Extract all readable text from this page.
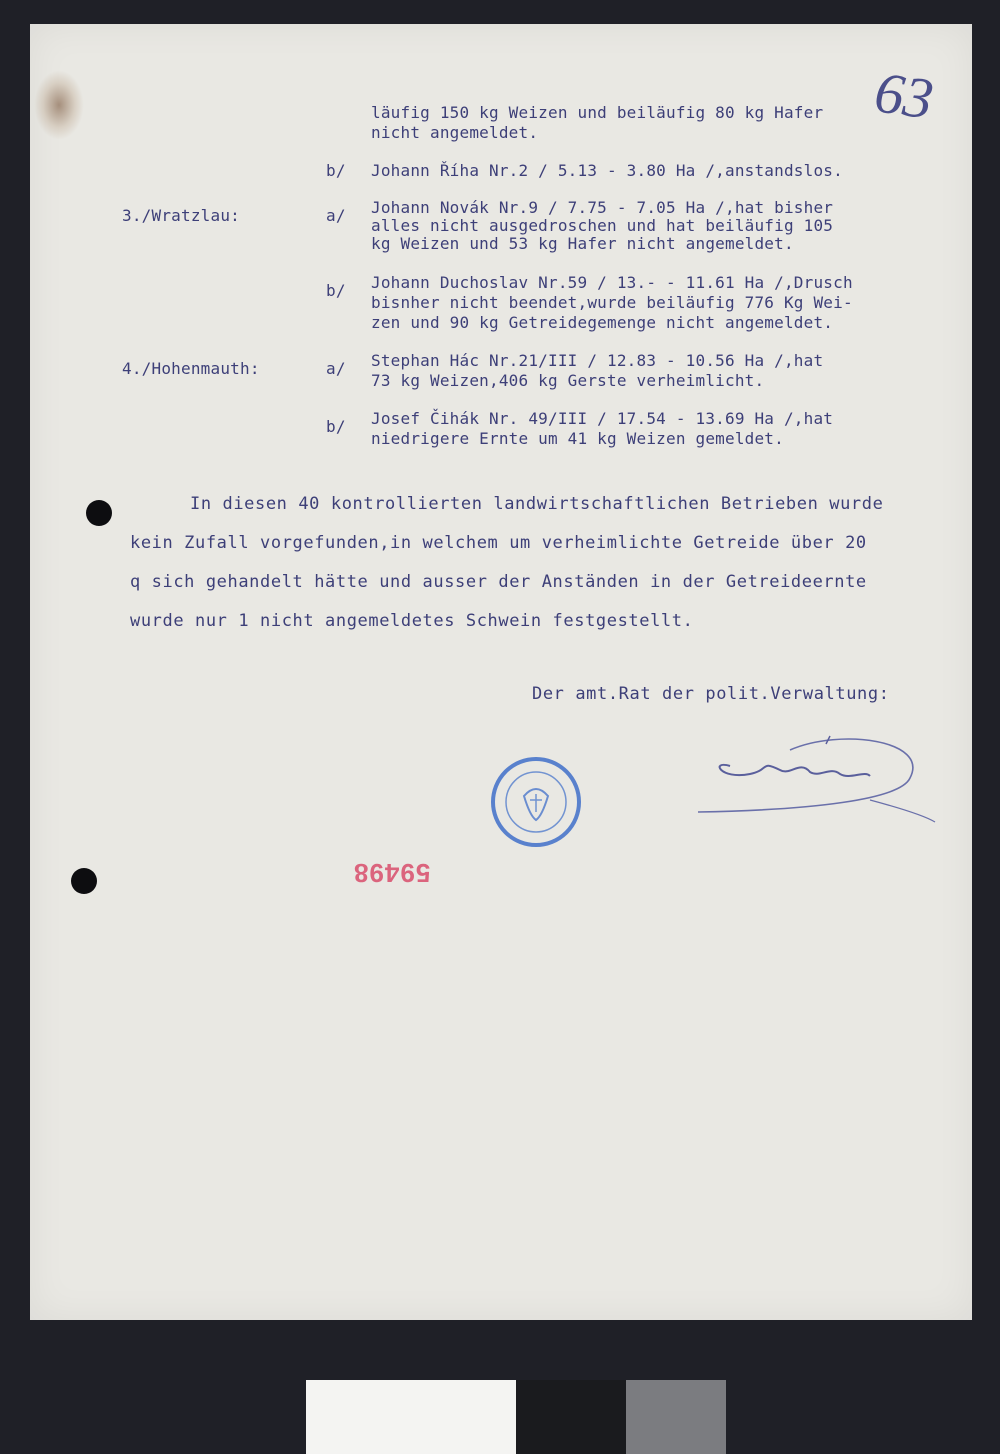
63
läufig 150 kg Weizen und beiläufig 80 kg Hafer
nicht angemeldet.
b/ Johann Říha Nr.2 / 5.13 - 3.80 Ha /,anstandslos.
3./Wratzlau:	a/ Johann Novák Nr.9 / 7.75 - 7.05 Ha /,hat bisher
alles nicht ausgedroschen und hat beiläufig 105
kg Weizen und 53 kg Hafer nicht angemeldet.
b/ Johann Duchoslav Nr.59 / 13.- - 11.61 Ha /,Drusch
bisnher nicht beendet,wurde beiläufig 776 Kg Wei-
zen und 90 kg Getreidegemenge nicht angemeldet.
4./Hohenmauth:	a/ Stephan Hác Nr.21/III / 12.83 - 10.56 Ha /,hat
73 kg Weizen,406 kg Gerste verheimlicht.
b/ Josef Čihák Nr. 49/III / 17.54 - 13.69 Ha /,hat
niedrigere Ernte um 41 kg Weizen gemeldet.
In diesen 40 kontrollierten landwirtschaftlichen Betrieben wurde
kein Zufall vorgefunden,in welchem um verheimlichte Getreide über 20
q sich gehandelt hätte und ausser der Anständen in der Getreideernte
wurde nur 1 nicht angemeldetes Schwein festgestellt.
Der amt.Rat der polit.Verwaltung:
59498
